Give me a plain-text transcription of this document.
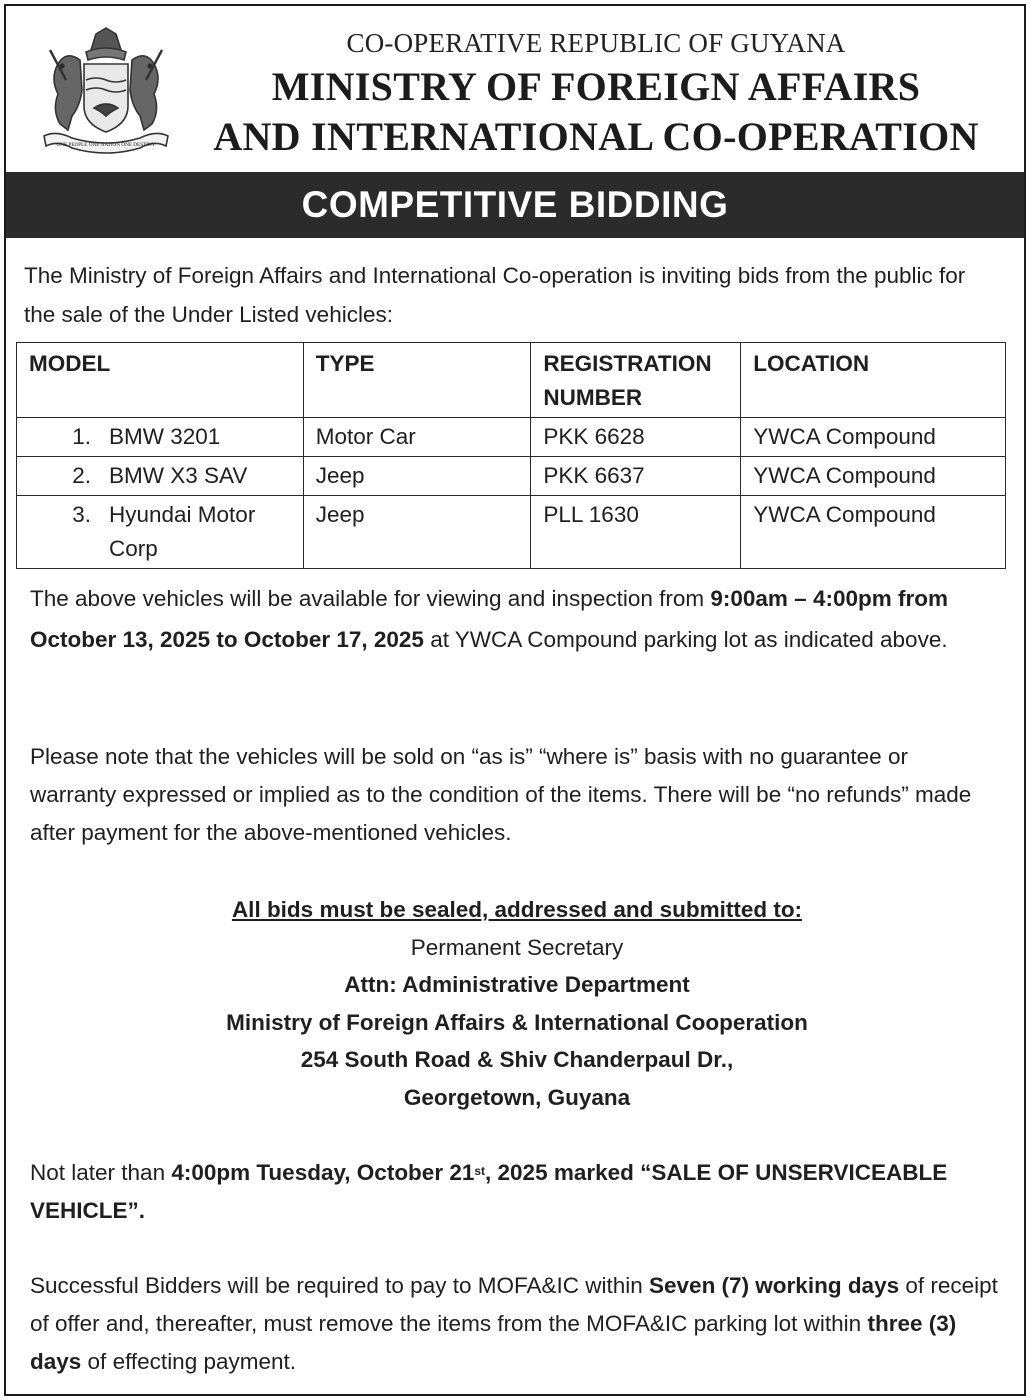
ONE PEOPLE ONE NATION ONE DESTINY
CO-OPERATIVE REPUBLIC OF GUYANA
MINISTRY OF FOREIGN AFFAIRS
AND INTERNATIONAL CO-OPERATION
COMPETITIVE BIDDING

The Ministry of Foreign Affairs and International Co-operation is inviting bids from the public for the sale of the Under Listed vehicles:

MODEL	TYPE	REGISTRATION NUMBER	LOCATION

1. BMW 3201	Motor Car	PKK 6628	YWCA Compound

2. BMW X3 SAV	Jeep	PKK 6637	YWCA Compound

3. Hyundai Motor Corp	Jeep	PLL 1630	YWCA Compound
The above vehicles will be available for viewing and inspection from 9:00am – 4:00pm from October 13, 2025 to October 17, 2025 at YWCA Compound parking lot as indicated above.
Please note that the vehicles will be sold on “as is” “where is” basis with no guarantee or warranty expressed or implied as to the condition of the items. There will be “no refunds” made after payment for the above-mentioned vehicles.
All bids must be sealed, addressed and submitted to:
Permanent Secretary
Attn: Administrative Department
Ministry of Foreign Affairs & International Cooperation
254 South Road & Shiv Chanderpaul Dr.,
Georgetown, Guyana
Not later than 4:00pm Tuesday, October 21st, 2025 marked “SALE OF UNSERVICEABLE VEHICLE”.
Successful Bidders will be required to pay to MOFA&IC within Seven (7) working days of receipt of offer and, thereafter, must remove the items from the MOFA&IC parking lot within three (3) days of effecting payment.
